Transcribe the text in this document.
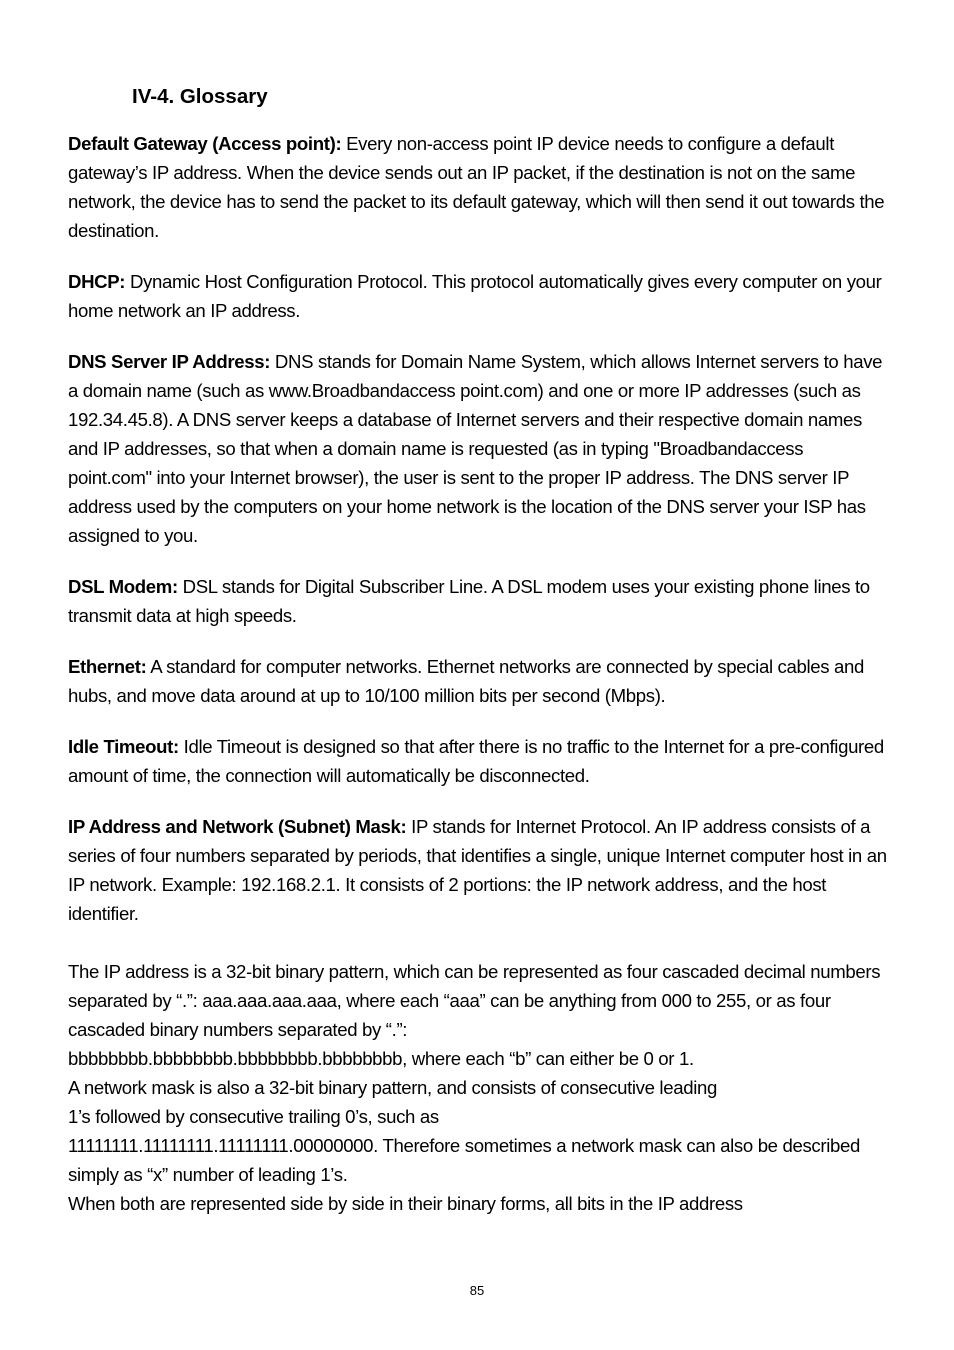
IV-4. Glossary

Default Gateway (Access point): Every non-access point IP device needs to configure a default gateway’s IP address. When the device sends out an IP packet, if the destination is not on the same network, the device has to send the packet to its default gateway, which will then send it out towards the destination.

DHCP: Dynamic Host Configuration Protocol. This protocol automatically gives every computer on your home network an IP address.

DNS Server IP Address: DNS stands for Domain Name System, which allows Internet servers to have a domain name (such as www.Broadbandaccess point.com) and one or more IP addresses (such as 192.34.45.8). A DNS server keeps a database of Internet servers and their respective domain names and IP addresses, so that when a domain name is requested (as in typing "Broadbandaccess point.com" into your Internet browser), the user is sent to the proper IP address. The DNS server IP address used by the computers on your home network is the location of the DNS server your ISP has assigned to you.

DSL Modem: DSL stands for Digital Subscriber Line. A DSL modem uses your existing phone lines to transmit data at high speeds.

Ethernet: A standard for computer networks. Ethernet networks are connected by special cables and hubs, and move data around at up to 10/100 million bits per second (Mbps).

Idle Timeout: Idle Timeout is designed so that after there is no traffic to the Internet for a pre-configured amount of time, the connection will automatically be disconnected.

IP Address and Network (Subnet) Mask: IP stands for Internet Protocol. An IP address consists of a series of four numbers separated by periods, that identifies a single, unique Internet computer host in an IP network. Example: 192.168.2.1. It consists of 2 portions: the IP network address, and the host identifier.

The IP address is a 32-bit binary pattern, which can be represented as four cascaded decimal numbers separated by “.”: aaa.aaa.aaa.aaa, where each “aaa” can be anything from 000 to 255, or as four cascaded binary numbers separated by “.”:

bbbbbbbb.bbbbbbbb.bbbbbbbb.bbbbbbbb, where each “b” can either be 0 or 1.

A network mask is also a 32-bit binary pattern, and consists of consecutive leading

1’s followed by consecutive trailing 0’s, such as

11111111.11111111.11111111.00000000. Therefore sometimes a network mask can also be described simply as “x” number of leading 1’s.

When both are represented side by side in their binary forms, all bits in the IP address

85
